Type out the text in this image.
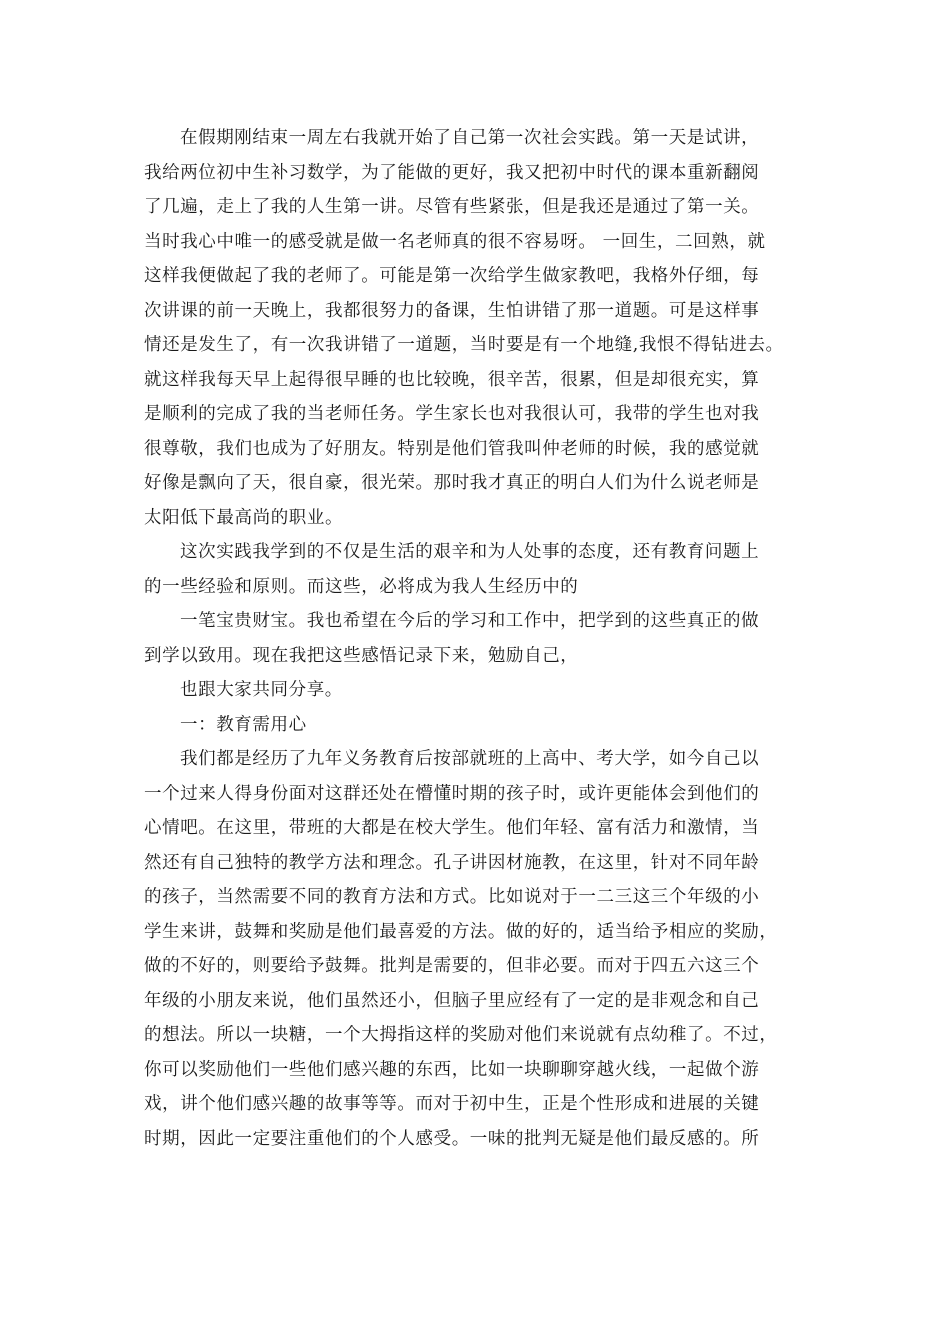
在假期刚结束一周左右我就开始了自己第一次社会实践。第一天是试讲，
我给两位初中生补习数学，为了能做的更好，我又把初中时代的课本重新翻阅
了几遍，走上了我的人生第一讲。尽管有些紧张，但是我还是通过了第一关。
当时我心中唯一的感受就是做一名老师真的很不容易呀。 一回生，二回熟，就
这样我便做起了我的老师了。可能是第一次给学生做家教吧，我格外仔细，每
次讲课的前一天晚上，我都很努力的备课，生怕讲错了那一道题。可是这样事
情还是发生了，有一次我讲错了一道题，当时要是有一个地缝,我恨不得钻进去。
就这样我每天早上起得很早睡的也比较晚，很辛苦，很累，但是却很充实，算
是顺利的完成了我的当老师任务。学生家长也对我很认可，我带的学生也对我
很尊敬，我们也成为了好朋友。特别是他们管我叫仲老师的时候，我的感觉就
好像是飘向了天，很自豪，很光荣。那时我才真正的明白人们为什么说老师是
太阳低下最高尚的职业。
这次实践我学到的不仅是生活的艰辛和为人处事的态度，还有教育问题上
的一些经验和原则。而这些，必将成为我人生经历中的
一笔宝贵财宝。我也希望在今后的学习和工作中，把学到的这些真正的做
到学以致用。现在我把这些感悟记录下来，勉励自己，
也跟大家共同分享。
一：教育需用心
我们都是经历了九年义务教育后按部就班的上高中、考大学，如今自己以
一个过来人得身份面对这群还处在懵懂时期的孩子时，或许更能体会到他们的
心情吧。在这里，带班的大都是在校大学生。他们年轻、富有活力和激情，当
然还有自己独特的教学方法和理念。孔子讲因材施教，在这里，针对不同年龄
的孩子，当然需要不同的教育方法和方式。比如说对于一二三这三个年级的小
学生来讲，鼓舞和奖励是他们最喜爱的方法。做的好的，适当给予相应的奖励，
做的不好的，则要给予鼓舞。批判是需要的，但非必要。而对于四五六这三个
年级的小朋友来说，他们虽然还小，但脑子里应经有了一定的是非观念和自己
的想法。所以一块糖，一个大拇指这样的奖励对他们来说就有点幼稚了。不过，
你可以奖励他们一些他们感兴趣的东西，比如一块聊聊穿越火线，一起做个游
戏，讲个他们感兴趣的故事等等。而对于初中生，正是个性形成和进展的关键
时期，因此一定要注重他们的个人感受。一味的批判无疑是他们最反感的。所
